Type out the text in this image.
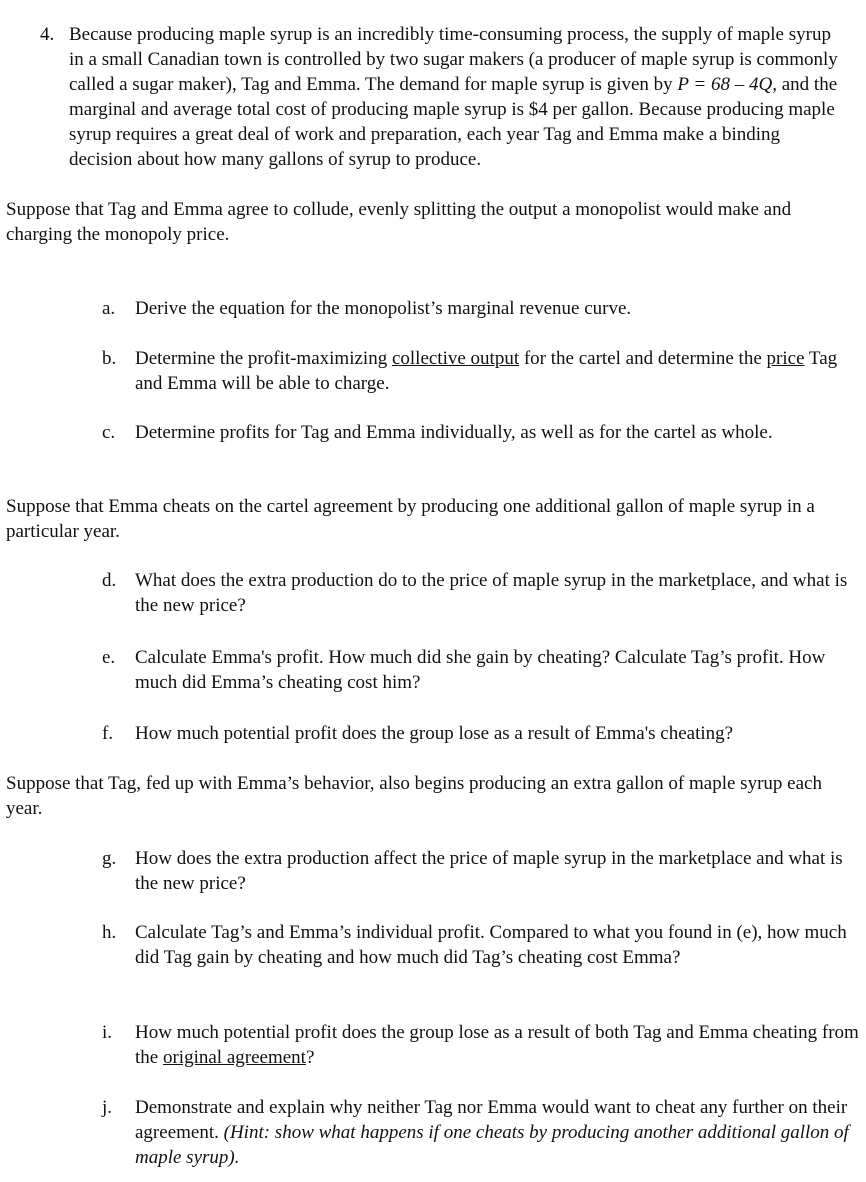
4. Because producing maple syrup is an incredibly time-consuming process, the supply of maple syrup in a small Canadian town is controlled by two sugar makers (a producer of maple syrup is commonly called a sugar maker), Tag and Emma. The demand for maple syrup is given by P = 68 – 4Q, and the marginal and average total cost of producing maple syrup is $4 per gallon. Because producing maple syrup requires a great deal of work and preparation, each year Tag and Emma make a binding decision about how many gallons of syrup to produce.
Suppose that Tag and Emma agree to collude, evenly splitting the output a monopolist would make and charging the monopoly price.
a. Derive the equation for the monopolist’s marginal revenue curve.
b. Determine the profit-maximizing collective output for the cartel and determine the price Tag and Emma will be able to charge.
c. Determine profits for Tag and Emma individually, as well as for the cartel as whole.
Suppose that Emma cheats on the cartel agreement by producing one additional gallon of maple syrup in a particular year.
d. What does the extra production do to the price of maple syrup in the marketplace, and what is the new price?
e. Calculate Emma's profit. How much did she gain by cheating? Calculate Tag’s profit. How much did Emma’s cheating cost him?
f. How much potential profit does the group lose as a result of Emma's cheating?
Suppose that Tag, fed up with Emma’s behavior, also begins producing an extra gallon of maple syrup each year.
g. How does the extra production affect the price of maple syrup in the marketplace and what is the new price?
h. Calculate Tag’s and Emma’s individual profit. Compared to what you found in (e), how much did Tag gain by cheating and how much did Tag’s cheating cost Emma?
i. How much potential profit does the group lose as a result of both Tag and Emma cheating from the original agreement?
j. Demonstrate and explain why neither Tag nor Emma would want to cheat any further on their agreement. (Hint: show what happens if one cheats by producing another additional gallon of maple syrup).
